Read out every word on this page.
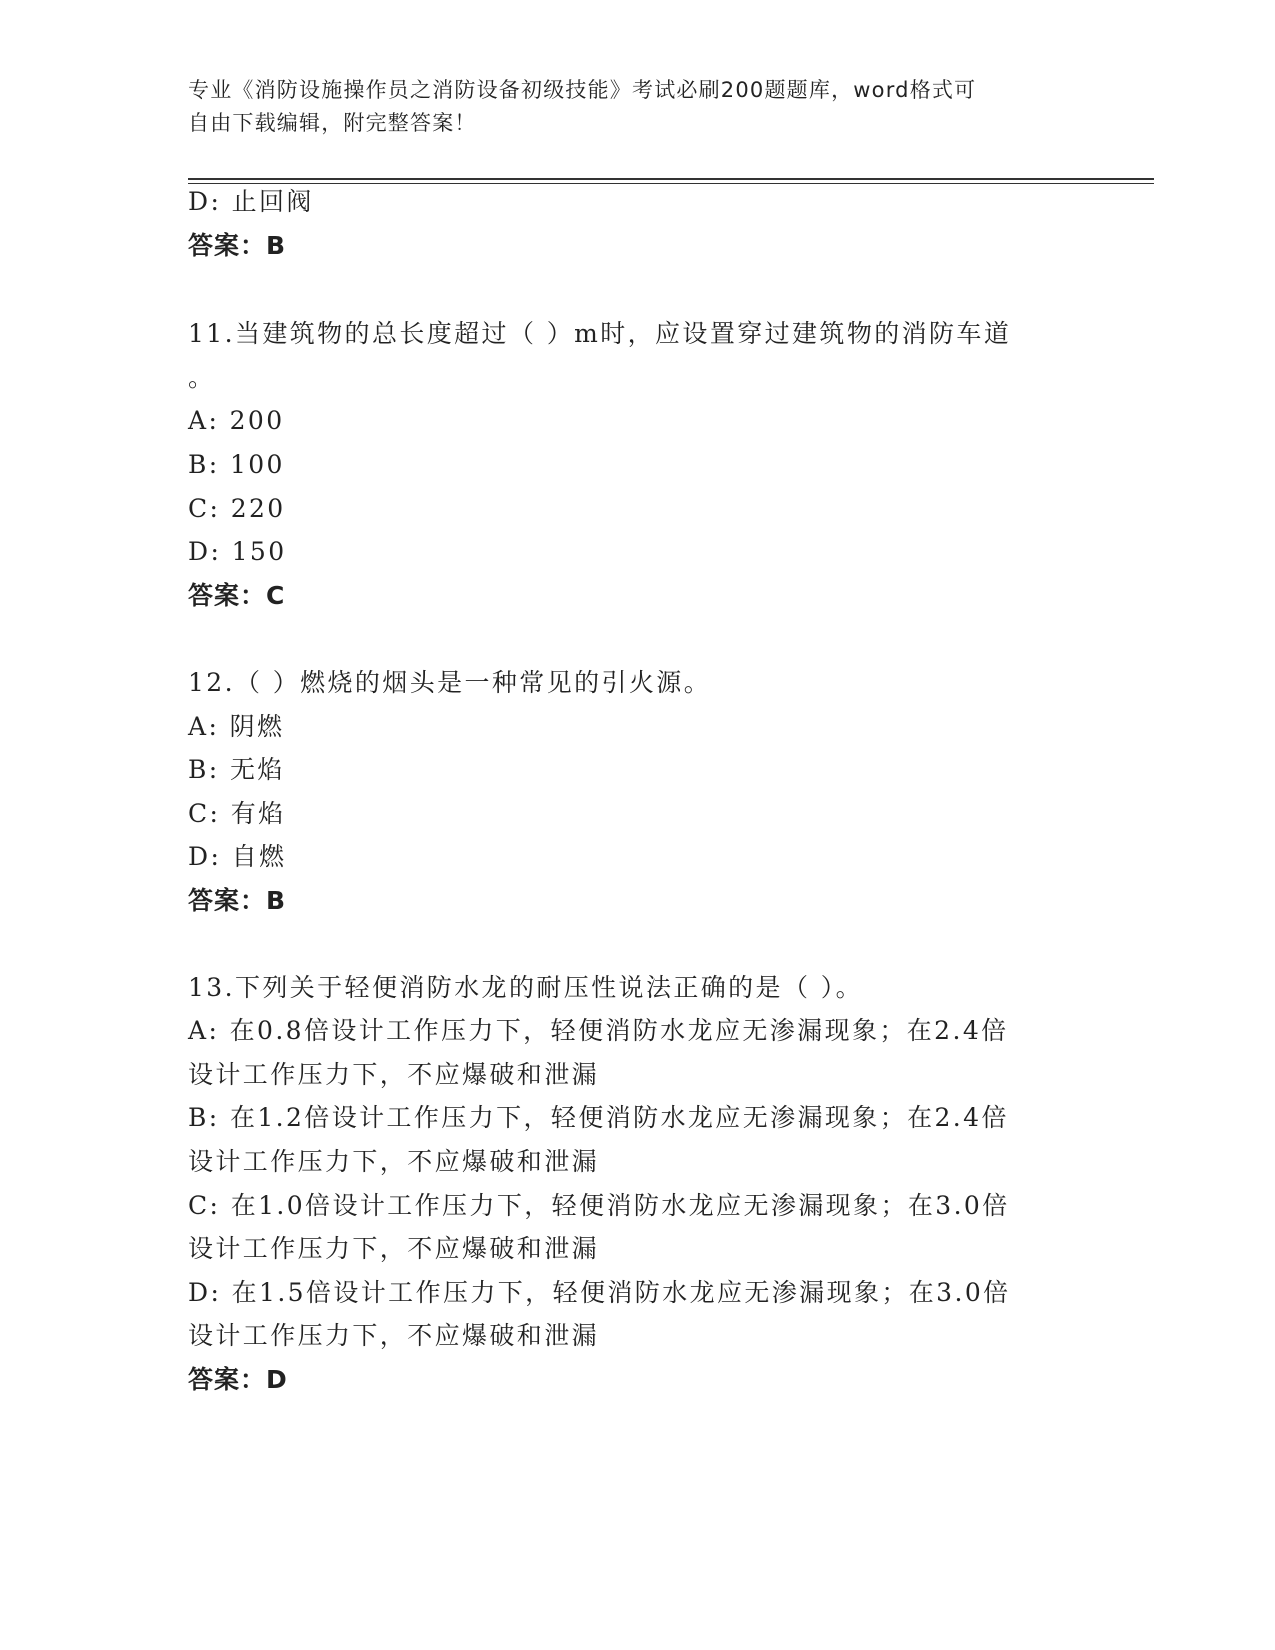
专业《消防设施操作员之消防设备初级技能》考试必刷200题题库，word格式可
自由下载编辑，附完整答案！
D: 止回阀
答案：B
11.当建筑物的总长度超过（ ）m时，应设置穿过建筑物的消防车道
。
A: 200
B: 100
C: 220
D: 150
答案：C
12.（ ）燃烧的烟头是一种常见的引火源。
A: 阴燃
B: 无焰
C: 有焰
D: 自燃
答案：B
13.下列关于轻便消防水龙的耐压性说法正确的是（ ）。
A: 在0.8倍设计工作压力下，轻便消防水龙应无渗漏现象；在2.4倍
设计工作压力下，不应爆破和泄漏
B: 在1.2倍设计工作压力下，轻便消防水龙应无渗漏现象；在2.4倍
设计工作压力下，不应爆破和泄漏
C: 在1.0倍设计工作压力下，轻便消防水龙应无渗漏现象；在3.0倍
设计工作压力下，不应爆破和泄漏
D: 在1.5倍设计工作压力下，轻便消防水龙应无渗漏现象；在3.0倍
设计工作压力下，不应爆破和泄漏
答案：D
